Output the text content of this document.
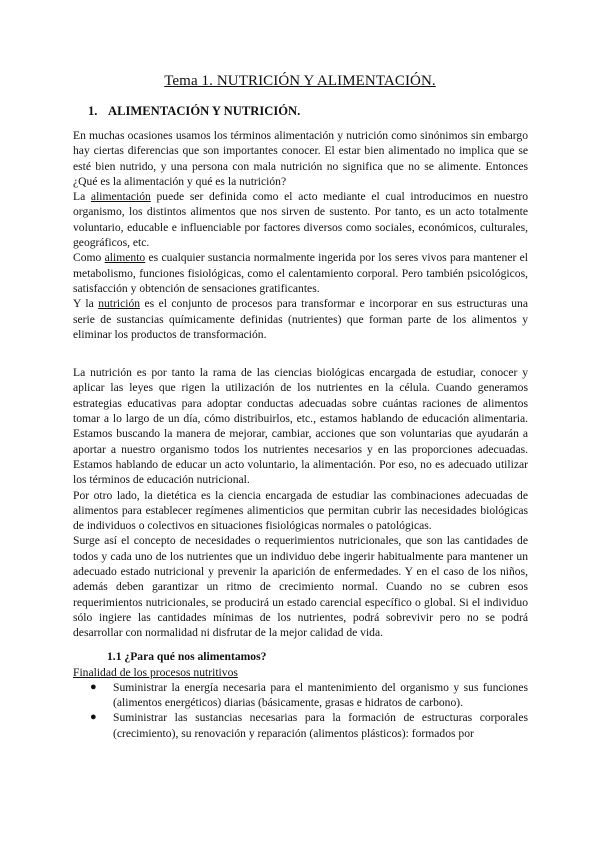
Tema 1. NUTRICIÓN Y ALIMENTACIÓN.
1. ALIMENTACIÓN Y NUTRICIÓN.

En muchas ocasiones usamos los términos alimentación y nutrición como sinónimos sin embargo hay ciertas diferencias que son importantes conocer. El estar bien alimentado no implica que se esté bien nutrido, y una persona con mala nutrición no significa que no se alimente. Entonces ¿Qué es la alimentación y qué es la nutrición?

La alimentación puede ser definida como el acto mediante el cual introducimos en nuestro organismo, los distintos alimentos que nos sirven de sustento. Por tanto, es un acto totalmente voluntario, educable e influenciable por factores diversos como sociales, económicos, culturales, geográficos, etc.

Como alimento es cualquier sustancia normalmente ingerida por los seres vivos para mantener el metabolismo, funciones fisiológicas, como el calentamiento corporal. Pero también psicológicos, satisfacción y obtención de sensaciones gratificantes.

Y la nutrición es el conjunto de procesos para transformar e incorporar en sus estructuras una serie de sustancias químicamente definidas (nutrientes) que forman parte de los alimentos y eliminar los productos de transformación.

La nutrición es por tanto la rama de las ciencias biológicas encargada de estudiar, conocer y aplicar las leyes que rigen la utilización de los nutrientes en la célula. Cuando generamos estrategias educativas para adoptar conductas adecuadas sobre cuántas raciones de alimentos tomar a lo largo de un día, cómo distribuirlos, etc., estamos hablando de educación alimentaria. Estamos buscando la manera de mejorar, cambiar, acciones que son voluntarias que ayudarán a aportar a nuestro organismo todos los nutrientes necesarios y en las proporciones adecuadas. Estamos hablando de educar un acto voluntario, la alimentación. Por eso, no es adecuado utilizar los términos de educación nutricional.

Por otro lado, la dietética es la ciencia encargada de estudiar las combinaciones adecuadas de alimentos para establecer regímenes alimenticios que permitan cubrir las necesidades biológicas de individuos o colectivos en situaciones fisiológicas normales o patológicas.

Surge así el concepto de necesidades o requerimientos nutricionales, que son las cantidades de todos y cada uno de los nutrientes que un individuo debe ingerir habitualmente para mantener un adecuado estado nutricional y prevenir la aparición de enfermedades. Y en el caso de los niños, además deben garantizar un ritmo de crecimiento normal. Cuando no se cubren esos requerimientos nutricionales, se producirá un estado carencial específico o global. Si el individuo sólo ingiere las cantidades mínimas de los nutrientes, podrá sobrevivir pero no se podrá desarrollar con normalidad ni disfrutar de la mejor calidad de vida.

1.1 ¿Para qué nos alimentamos?
Finalidad de los procesos nutritivos
● Suministrar la energía necesaria para el mantenimiento del organismo y sus funciones (alimentos energéticos) diarias (básicamente, grasas e hidratos de carbono).
● Suministrar las sustancias necesarias para la formación de estructuras corporales (crecimiento), su renovación y reparación (alimentos plásticos): formados por
